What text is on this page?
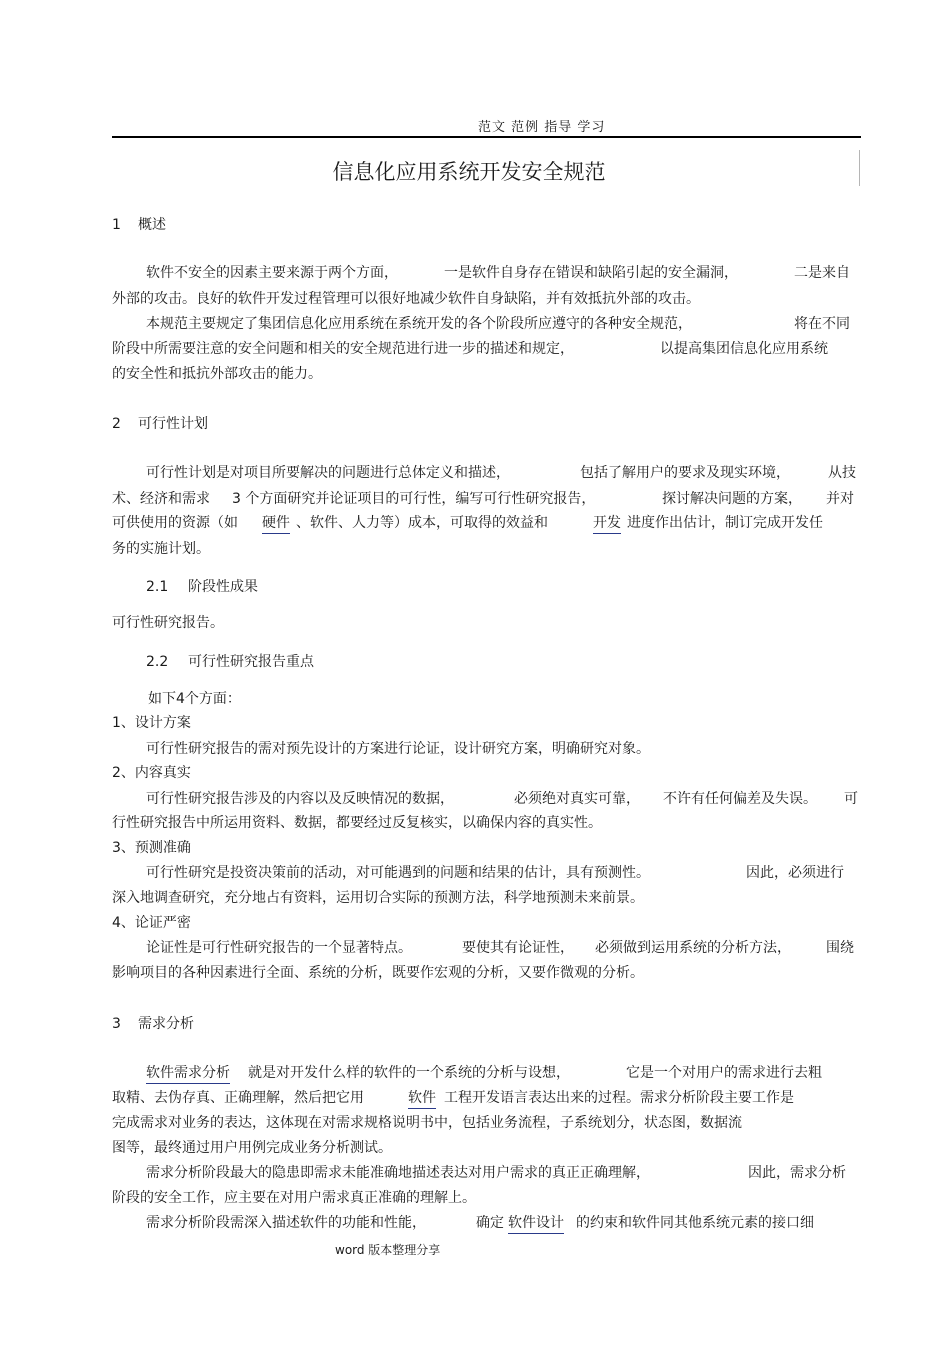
范文 范例 指导 学习
信息化应用系统开发安全规范
1 概述
软件不安全的因素主要来源于两个方面，	一是软件自身存在错误和缺陷引起的安全漏洞，	二是来自
外部的攻击。良好的软件开发过程管理可以很好地减少软件自身缺陷，并有效抵抗外部的攻击。
本规范主要规定了集团信息化应用系统在系统开发的各个阶段所应遵守的各种安全规范，	将在不同
阶段中所需要注意的安全问题和相关的安全规范进行进一步的描述和规定，	以提高集团信息化应用系统
的安全性和抵抗外部攻击的能力。
2 可行性计划
可行性计划是对项目所要解决的问题进行总体定义和描述，	包括了解用户的要求及现实环境，	从技
术、经济和需求 3 个方面研究并论证项目的可行性，编写可行性研究报告，	探讨解决问题的方案， 并对
可供使用的资源（如 硬件 、软件、人力等）成本，可取得的效益和	开发 进度作出估计，制订完成开发任
务的实施计划。
2.1 阶段性成果
可行性研究报告。
2.2 可行性研究报告重点
如下4个方面：
1、设计方案
可行性研究报告的需对预先设计的方案进行论证，设计研究方案，明确研究对象。
2、内容真实
可行性研究报告涉及的内容以及反映情况的数据，	必须绝对真实可靠， 不许有任何偏差及失误。 可
行性研究报告中所运用资料、数据，都要经过反复核实，以确保内容的真实性。
3、预测准确
可行性研究是投资决策前的活动，对可能遇到的问题和结果的估计，具有预测性。	因此，必须进行
深入地调查研究，充分地占有资料，运用切合实际的预测方法，科学地预测未来前景。
4、论证严密
论证性是可行性研究报告的一个显著特点。	要使其有论证性， 必须做到运用系统的分析方法，	围绕
影响项目的各种因素进行全面、系统的分析，既要作宏观的分析，又要作微观的分析。
3 需求分析
软件需求分析 就是对开发什么样的软件的一个系统的分析与设想，	它是一个对用户的需求进行去粗
取精、去伪存真、正确理解，然后把它用	软件 工程开发语言表达出来的过程。需求分析阶段主要工作是
完成需求对业务的表达，这体现在对需求规格说明书中，包括业务流程，子系统划分，状态图，数据流
图等，最终通过用户用例完成业务分析测试。
需求分析阶段最大的隐患即需求未能准确地描述表达对用户需求的真正正确理解，	因此，需求分析
阶段的安全工作，应主要在对用户需求真正准确的理解上。
需求分析阶段需深入描述软件的功能和性能，	确定 软件设计 的约束和软件同其他系统元素的接口细
word 版本整理分享
